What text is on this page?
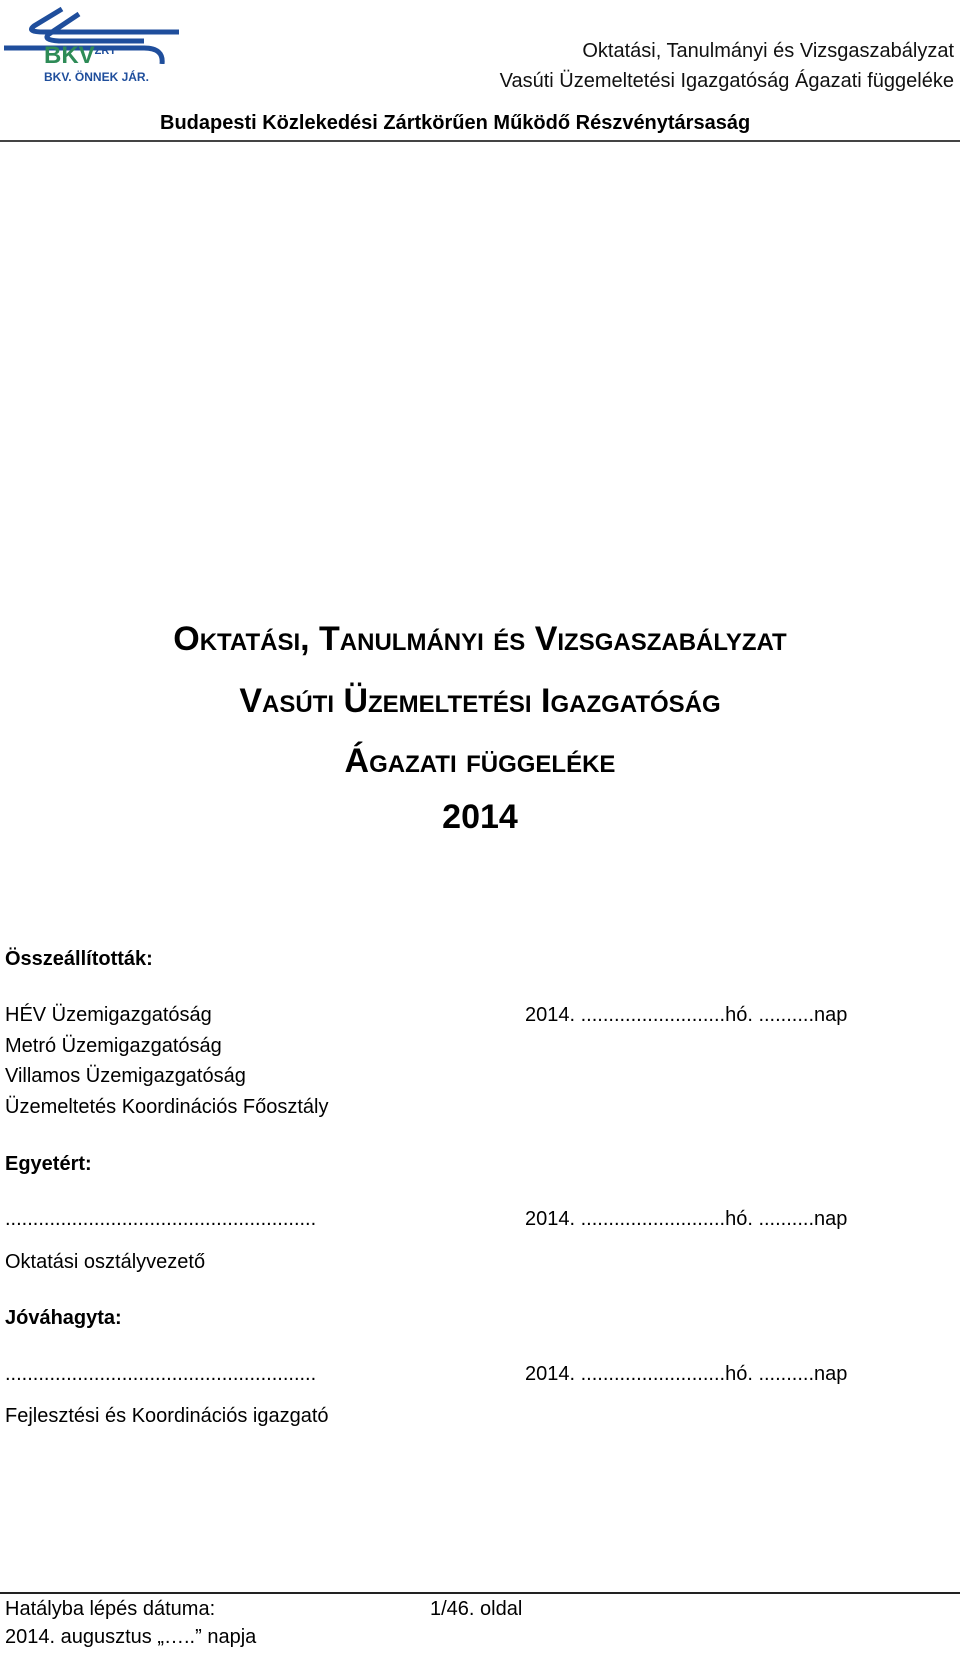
$BKV^{ZRT}$
BKV. ÖNNEK JÁR.
Oktatási, Tanulmányi és Vizsgaszabályzat
Vasúti Üzemeltetési Igazgatóság Ágazati függeléke
Budapesti Közlekedési Zártkörűen Működő Részvénytársaság
Oktatási, Tanulmányi és Vizsgaszabályzat
Vasúti Üzemeltetési Igazgatóság
Ágazati függeléke
2014
Összeállították:
HÉV Üzemigazgatóság
Metró Üzemigazgatóság
Villamos Üzemigazgatóság
Üzemeltetés Koordinációs Főosztály
2014. ..........................hó. ..........nap
Egyetért:
........................................................	2014. ..........................hó. ..........nap
Oktatási osztályvezető
Jóváhagyta:
........................................................	2014. ..........................hó. ..........nap
Fejlesztési és Koordinációs igazgató
Hatályba lépés dátuma:
2014. augusztus „…..” napja
1/46. oldal
